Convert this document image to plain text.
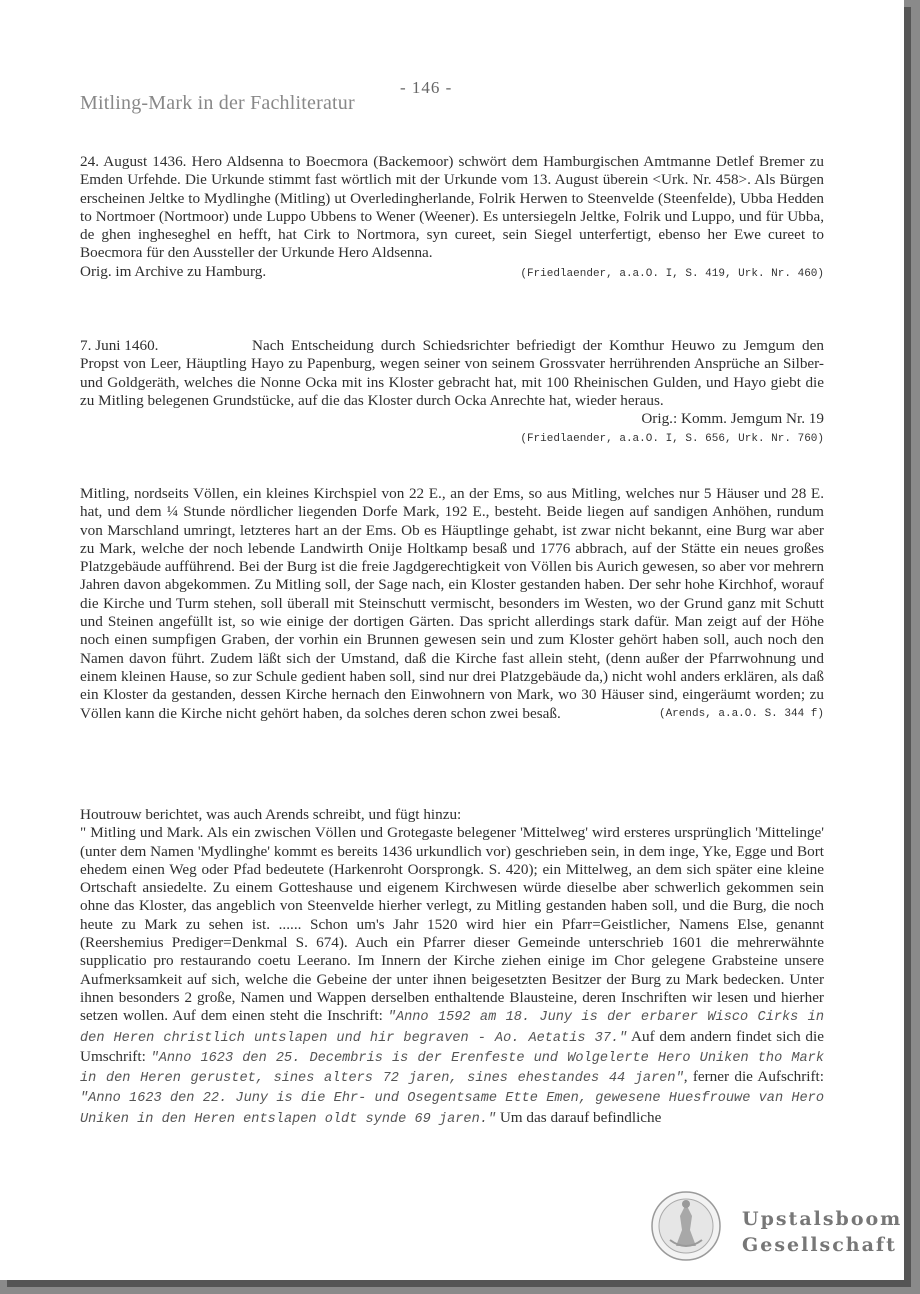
- 146 -
Mitling-Mark in der Fachliteratur
24. August 1436. Hero Aldsenna to Boecmora (Backemoor) schwört dem Hamburgischen Amtmanne Detlef Bremer zu Emden Urfehde. Die Urkunde stimmt fast wörtlich mit der Urkunde vom 13. August überein <Urk. Nr. 458>. Als Bürgen erscheinen Jeltke to Mydlinghe (Mitling) ut Overledingherlande, Folrik Herwen to Steenvelde (Steenfelde), Ubba Hedden to Nortmoer (Nortmoor) unde Luppo Ubbens to Wener (Weener). Es untersiegeln Jeltke, Folrik und Luppo, und für Ubba, de ghen ingheseghel en hefft, hat Cirk to Nortmora, syn cureet, sein Siegel unterfertigt, ebenso her Ewe cureet to Boecmora für den Aussteller der Urkunde Hero Aldsenna.
Orig. im Archive zu Hamburg.	(Friedlaender, a.a.O. I, S. 419, Urk. Nr. 460)
7. Juni 1460.	Nach Entscheidung durch Schiedsrichter befriedigt der Komthur Heuwo zu Jemgum den Propst von Leer, Häuptling Hayo zu Papenburg, wegen seiner von seinem Grossvater herrührenden Ansprüche an Silber- und Goldgeräth, welches die Nonne Ocka mit ins Kloster gebracht hat, mit 100 Rheinischen Gulden, und Hayo giebt die zu Mitling belegenen Grundstücke, auf die das Kloster durch Ocka Anrechte hat, wieder heraus.
Orig.: Komm. Jemgum Nr. 19
(Friedlaender, a.a.O. I, S. 656, Urk. Nr. 760)
Mitling, nordseits Völlen, ein kleines Kirchspiel von 22 E., an der Ems, so aus Mitling, welches nur 5 Häuser und 28 E. hat, und dem ¼ Stunde nördlicher liegenden Dorfe Mark, 192 E., besteht. Beide liegen auf sandigen Anhöhen, rundum von Marschland umringt, letzteres hart an der Ems. Ob es Häuptlinge gehabt, ist zwar nicht bekannt, eine Burg war aber zu Mark, welche der noch lebende Landwirth Onije Holtkamp besaß und 1776 abbrach, auf der Stätte ein neues großes Platzgebäude aufführend. Bei der Burg ist die freie Jagdgerechtigkeit von Völlen bis Aurich gewesen, so aber vor mehrern Jahren davon abgekommen. Zu Mitling soll, der Sage nach, ein Kloster gestanden haben. Der sehr hohe Kirchhof, worauf die Kirche und Turm stehen, soll überall mit Steinschutt vermischt, besonders im Westen, wo der Grund ganz mit Schutt und Steinen angefüllt ist, so wie einige der dortigen Gärten. Das spricht allerdings stark dafür. Man zeigt auf der Höhe noch einen sumpfigen Graben, der vorhin ein Brunnen gewesen sein und zum Kloster gehört haben soll, auch noch den Namen davon führt. Zudem läßt sich der Umstand, daß die Kirche fast allein steht, (denn außer der Pfarrwohnung und einem kleinen Hause, so zur Schule gedient haben soll, sind nur drei Platzgebäude da,) nicht wohl anders erklären, als daß ein Kloster da gestanden, dessen Kirche hernach den Einwohnern von Mark, wo 30 Häuser sind, eingeräumt worden; zu Völlen kann die Kirche nicht gehört haben, da solches deren schon zwei besaß.	(Arends, a.a.O. S. 344 f)
Houtrouw berichtet, was auch Arends schreibt, und fügt hinzu:
" Mitling und Mark. Als ein zwischen Völlen und Grotegaste belegener 'Mittelweg' wird ersteres ursprünglich 'Mittelinge' (unter dem Namen 'Mydlinghe' kommt es bereits 1436 urkundlich vor) geschrieben sein, in dem inge, Yke, Egge und Bort ehedem einen Weg oder Pfad bedeutete (Harkenroht Oorsprongk. S. 420); ein Mittelweg, an dem sich später eine kleine Ortschaft ansiedelte. Zu einem Gotteshause und eigenem Kirchwesen würde dieselbe aber schwerlich gekommen sein ohne das Kloster, das angeblich von Steenvelde hierher verlegt, zu Mitling gestanden haben soll, und die Burg, die noch heute zu Mark zu sehen ist. ...... Schon um's Jahr 1520 wird hier ein Pfarr=Geistlicher, Namens Else, genannt (Reershemius Prediger=Denkmal S. 674). Auch ein Pfarrer dieser Gemeinde unterschrieb 1601 die mehrerwähnte supplicatio pro restaurando coetu Leerano. Im Innern der Kirche ziehen einige im Chor gelegene Grabsteine unsere Aufmerksamkeit auf sich, welche die Gebeine der unter ihnen beigesetzten Besitzer der Burg zu Mark bedecken. Unter ihnen besonders 2 große, Namen und Wappen derselben enthaltende Blausteine, deren Inschriften wir lesen und hierher setzen wollen. Auf dem einen steht die Inschrift: "Anno 1592 am 18. Juny is der erbarer Wisco Cirks in den Heren christlich untslapen und hir begraven - Ao. Aetatis 37." Auf dem andern findet sich die Umschrift: "Anno 1623 den 25. Decembris is der Erenfeste und Wolgelerte Hero Uniken tho Mark in den Heren gerustet, sines alters 72 jaren, sines ehestandes 44 jaren", ferner die Aufschrift: "Anno 1623 den 22. Juny is die Ehr- und Osegentsame Ette Emen, gewesene Huesfrouwe van Hero Uniken in den Heren entslapen oldt synde 69 jaren." Um das darauf befindliche
Upstalsboom
Gesellschaft
